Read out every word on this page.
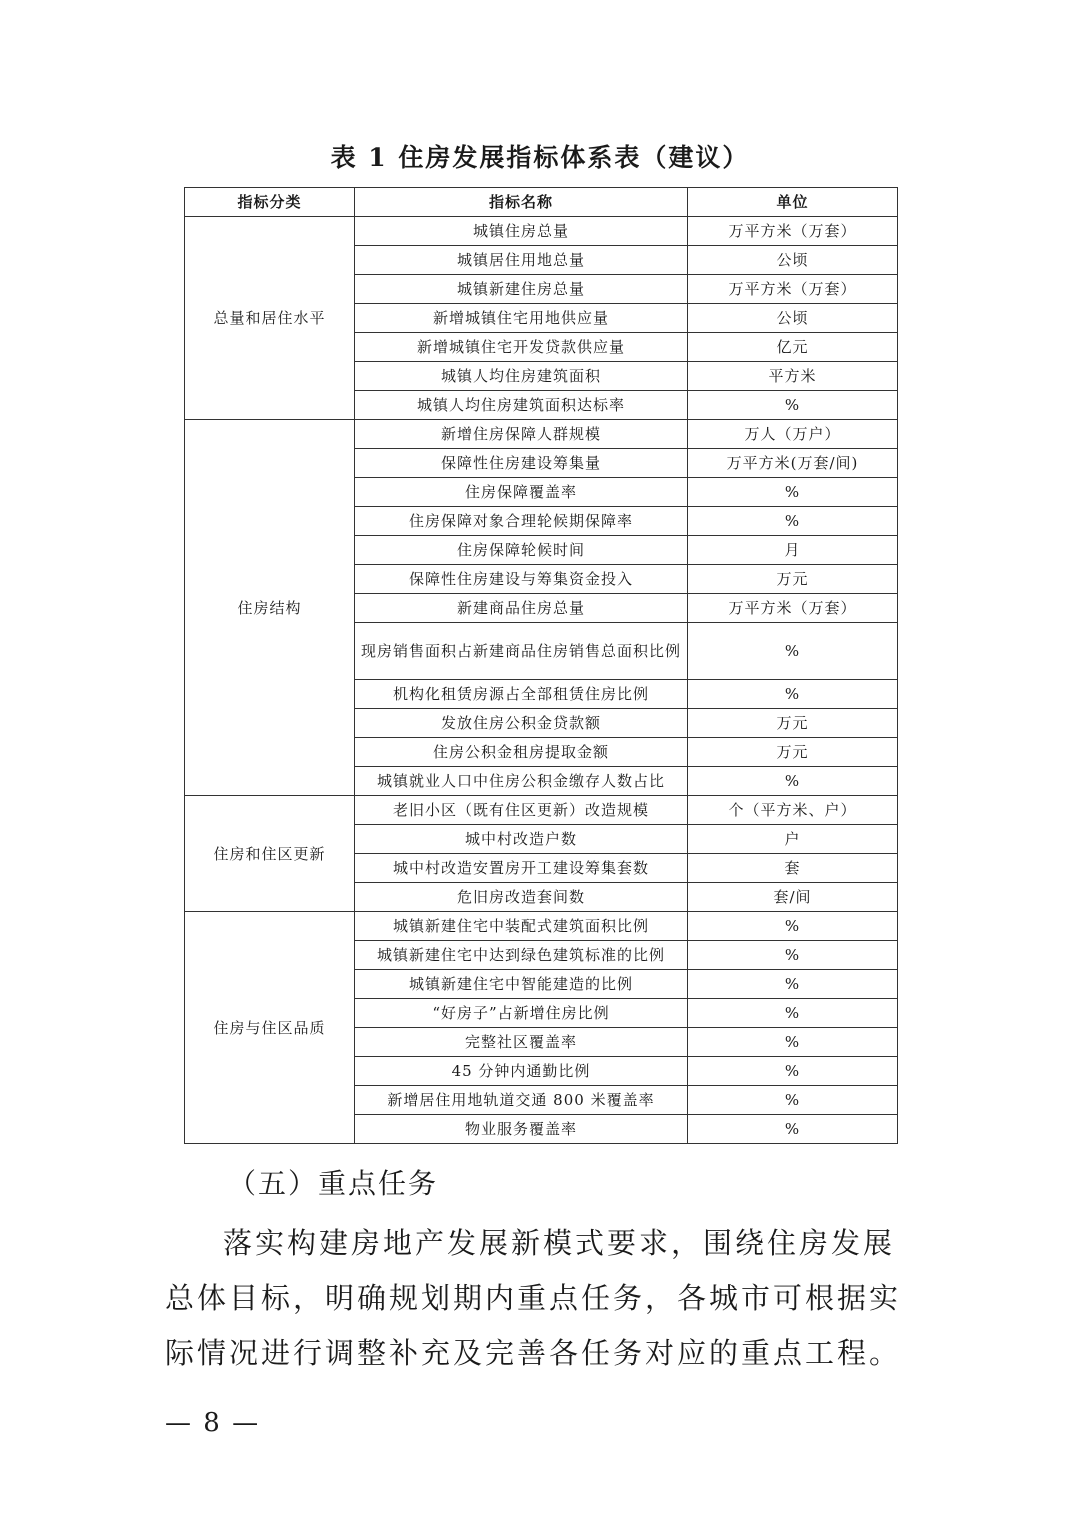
表 1 住房发展指标体系表（建议）
指标分类	指标名称	单位
总量和居住水平	城镇住房总量	万平方米（万套）
	城镇居住用地总量	公顷
	城镇新建住房总量	万平方米（万套）
	新增城镇住宅用地供应量	公顷
	新增城镇住宅开发贷款供应量	亿元
	城镇人均住房建筑面积	平方米
	城镇人均住房建筑面积达标率	%
住房结构	新增住房保障人群规模	万人（万户）
	保障性住房建设筹集量	万平方米(万套/间)
	住房保障覆盖率	%
	住房保障对象合理轮候期保障率	%
	住房保障轮候时间	月
	保障性住房建设与筹集资金投入	万元
	新建商品住房总量	万平方米（万套）
	现房销售面积占新建商品住房销售总面积比例	%
	机构化租赁房源占全部租赁住房比例	%
	发放住房公积金贷款额	万元
	住房公积金租房提取金额	万元
	城镇就业人口中住房公积金缴存人数占比	%
住房和住区更新	老旧小区（既有住区更新）改造规模	个（平方米、户）
	城中村改造户数	户
	城中村改造安置房开工建设筹集套数	套
	危旧房改造套间数	套/间
住房与住区品质	城镇新建住宅中装配式建筑面积比例	%
	城镇新建住宅中达到绿色建筑标准的比例	%
	城镇新建住宅中智能建造的比例	%
	“好房子”占新增住房比例	%
	完整社区覆盖率	%
	45 分钟内通勤比例	%
	新增居住用地轨道交通 800 米覆盖率	%
	物业服务覆盖率	%
（五）重点任务

落实构建房地产发展新模式要求，围绕住房发展总体目标，明确规划期内重点任务，各城市可根据实际情况进行调整补充及完善各任务对应的重点工程。

— 8 —
